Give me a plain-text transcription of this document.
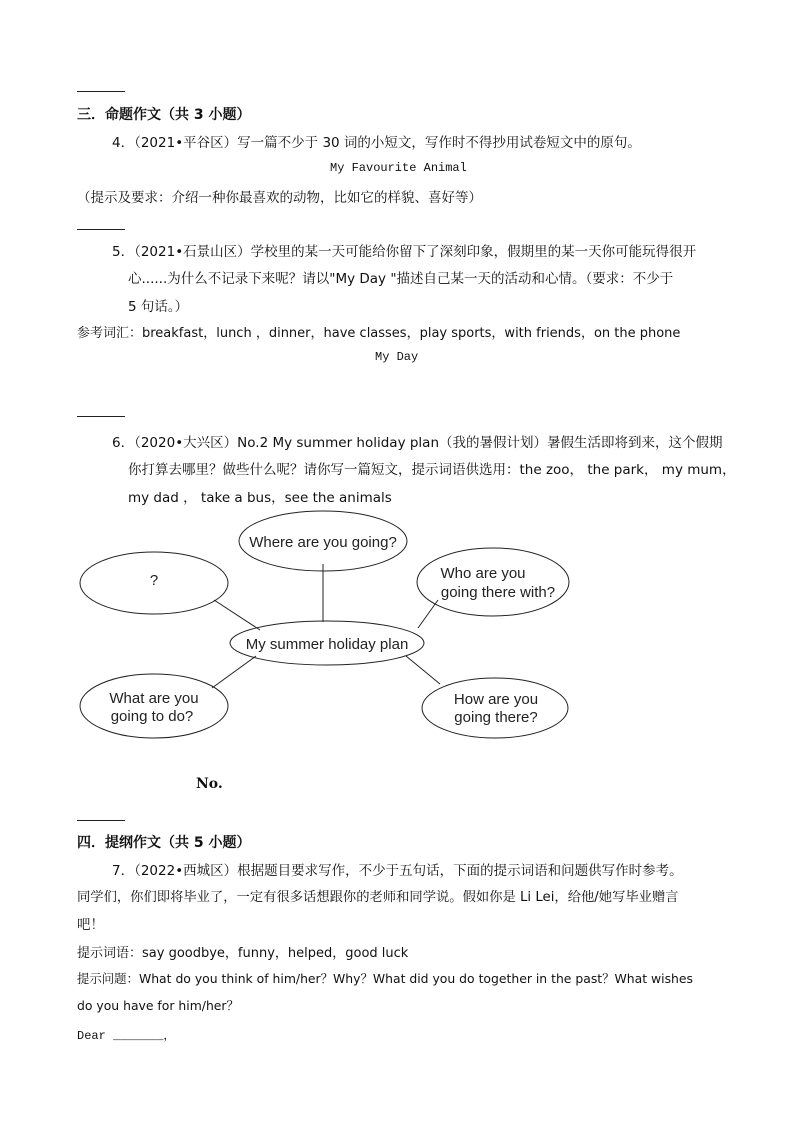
三．命题作文（共 3 小题）
4．（2021•平谷区）写一篇不少于 30 词的小短文，写作时不得抄用试卷短文中的原句。
My Favourite Animal
（提示及要求：介绍一种你最喜欢的动物，比如它的样貌、喜好等）
5．（2021•石景山区）学校里的某一天可能给你留下了深刻印象，假期里的某一天你可能玩得很开
心......为什么不记录下来呢？请以"My Day "描述自己某一天的活动和心情。（要求：不少于
5 句话。）
参考词汇：breakfast，lunch ，dinner，have classes，play sports，with friends，on the phone
My Day
6．（2020•大兴区）No.2 My summer holiday plan（我的暑假计划）暑假生活即将到来，这个假期
你打算去哪里？做些什么呢？请你写一篇短文，提示词语供选用：the zoo， the park， my mum，
my dad ， take a bus，see the animals
Where are you going?
?	Who are you
going there with?
My summer holiday plan
What are you
going to do?
How are you
going there?
No.
四．提纲作文（共 5 小题）
7．（2022•西城区）根据题目要求写作，不少于五句话，下面的提示词语和问题供写作时参考。
同学们，你们即将毕业了，一定有很多话想跟你的老师和同学说。假如你是 Li Lei，给他/她写毕业赠言
吧！
提示词语：say goodbye，funny，helped，good luck
提示问题：What do you think of him/her？Why？What did you do together in the past？What wishes
do you have for him/her？
Dear _______，
